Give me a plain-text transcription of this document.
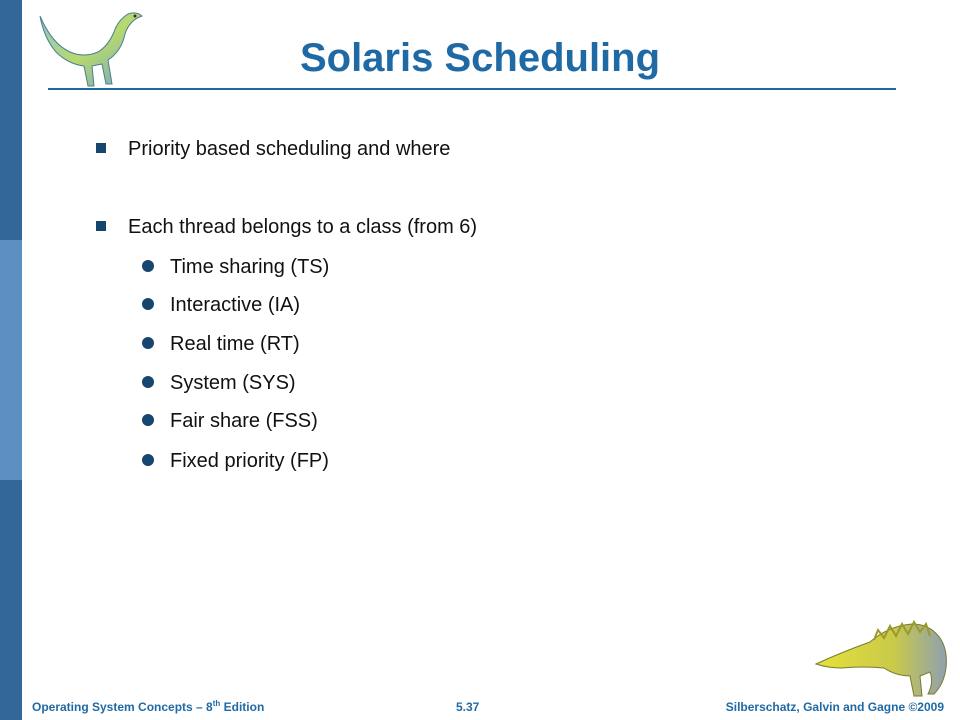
Solaris Scheduling
Priority based scheduling and where
Each thread belongs to a class (from 6)
Time sharing (TS)
Interactive (IA)
Real time (RT)
System (SYS)
Fair share (FSS)
Fixed priority (FP)
Operating System Concepts – 8th Edition	5.37	Silberschatz, Galvin and Gagne ©2009
